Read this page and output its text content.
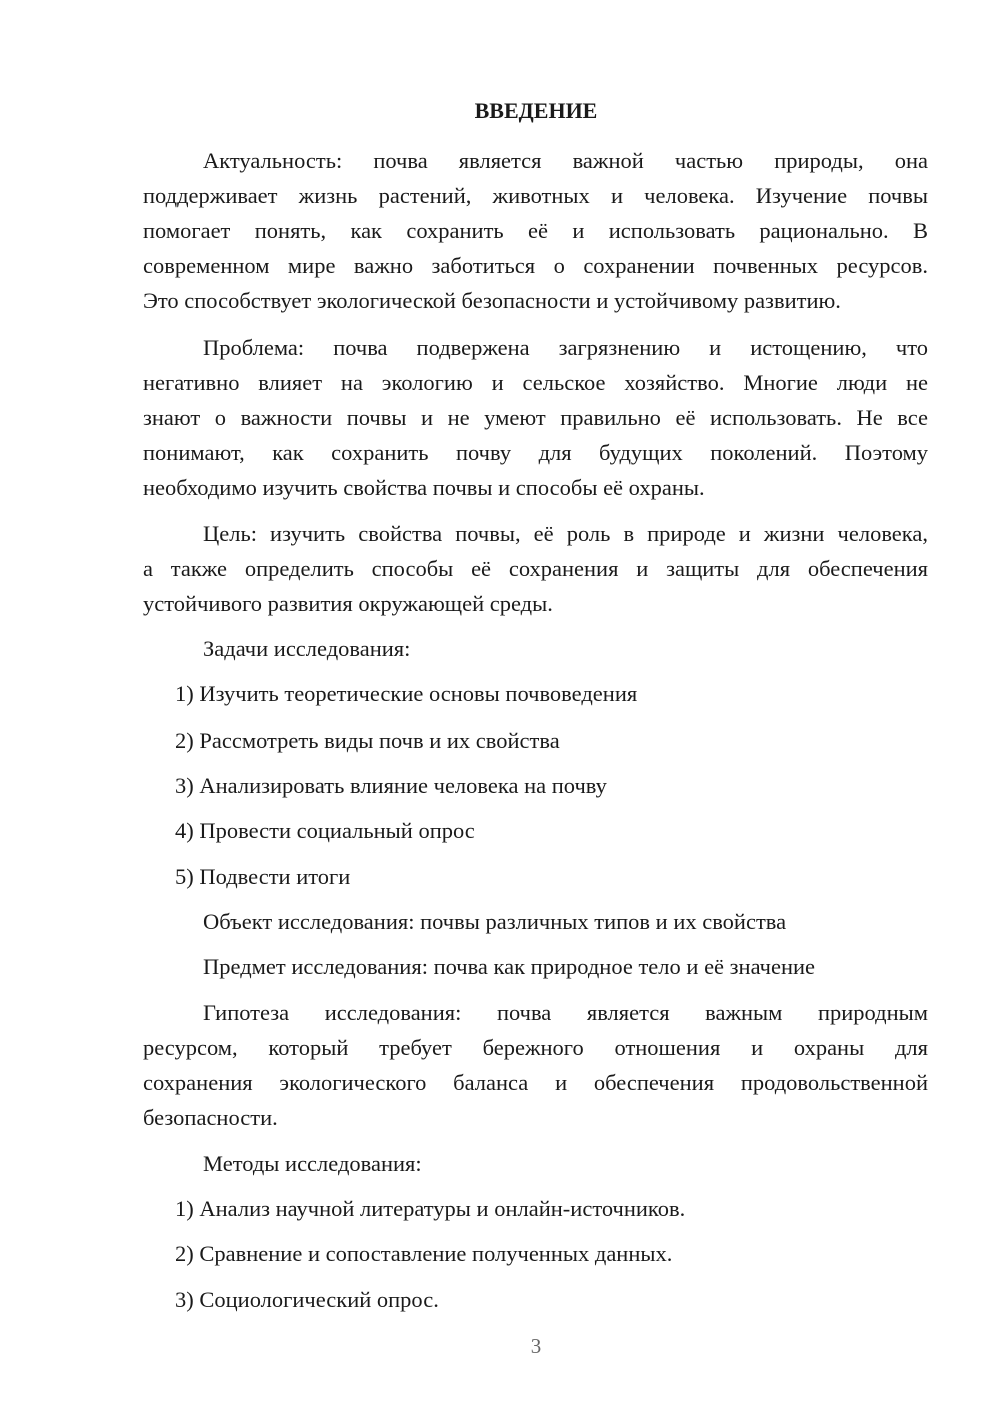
ВВЕДЕНИЕ
Актуальность: почва является важной частью природы, она
поддерживает жизнь растений, животных и человека. Изучение почвы
помогает понять, как сохранить её и использовать рационально. В
современном мире важно заботиться о сохранении почвенных ресурсов.
Это способствует экологической безопасности и устойчивому развитию.
Проблема: почва подвержена загрязнению и истощению, что
негативно влияет на экологию и сельское хозяйство. Многие люди не
знают о важности почвы и не умеют правильно её использовать. Не все
понимают, как сохранить почву для будущих поколений. Поэтому
необходимо изучить свойства почвы и способы её охраны.
Цель: изучить свойства почвы, её роль в природе и жизни человека,
а также определить способы её сохранения и защиты для обеспечения
устойчивого развития окружающей среды.
Задачи исследования:
1) Изучить теоретические основы почвоведения
2) Рассмотреть виды почв и их свойства
3) Анализировать влияние человека на почву
4) Провести социальный опрос
5) Подвести итоги
Объект исследования: почвы различных типов и их свойства
Предмет исследования: почва как природное тело и её значение
Гипотеза исследования: почва является важным природным
ресурсом, который требует бережного отношения и охраны для
сохранения экологического баланса и обеспечения продовольственной
безопасности.
Методы исследования:
1) Анализ научной литературы и онлайн-источников.
2) Сравнение и сопоставление полученных данных.
3) Социологический опрос.
3
